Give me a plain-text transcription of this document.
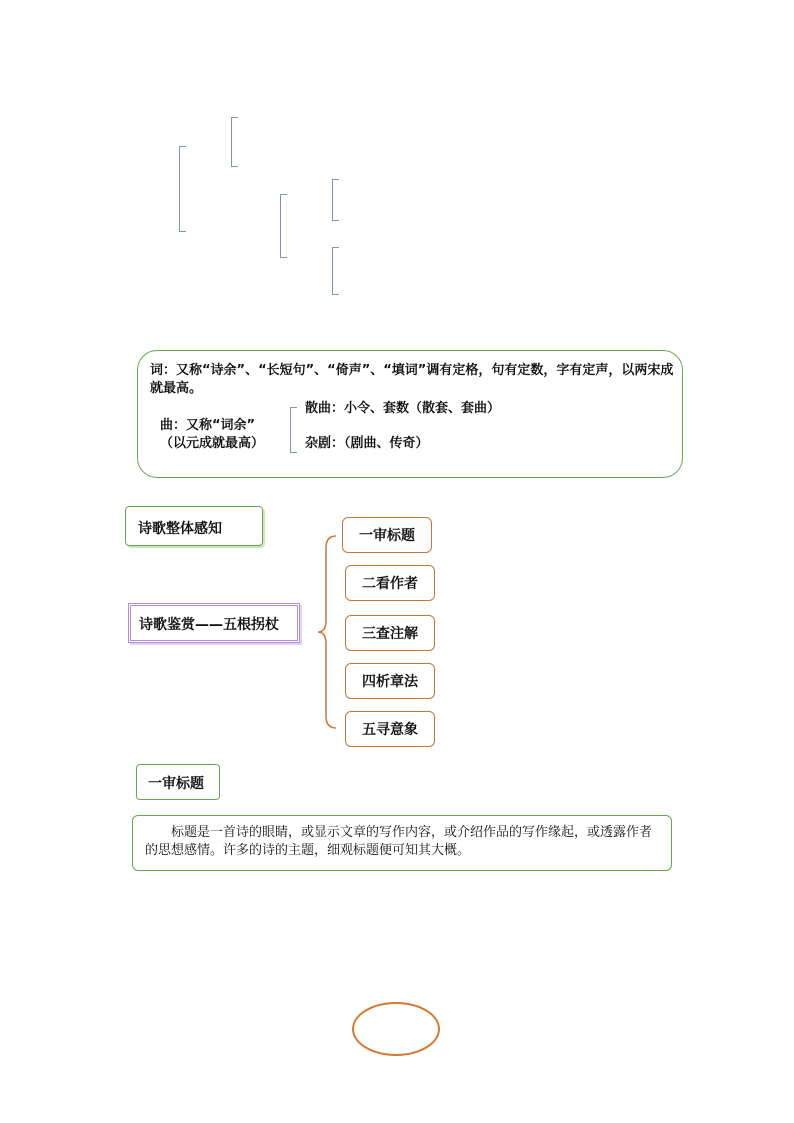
词：又称“诗余”、“长短句”、“倚声”、“填词”调有定格，句有定数，字有定声，以两宋成就最高。
曲：又称“词余”
（以元成就最高）
散曲：小令、套数（散套、套曲）
杂剧：（剧曲、传奇）
诗歌整体感知
诗歌鉴赏——五根拐杖
一审标题
二看作者
三查注解
四析章法
五寻意象
一审标题
标题是一首诗的眼睛，或显示文章的写作内容，或介绍作品的写作缘起，或透露作者的思想感情。许多的诗的主题，细观标题便可知其大概。
